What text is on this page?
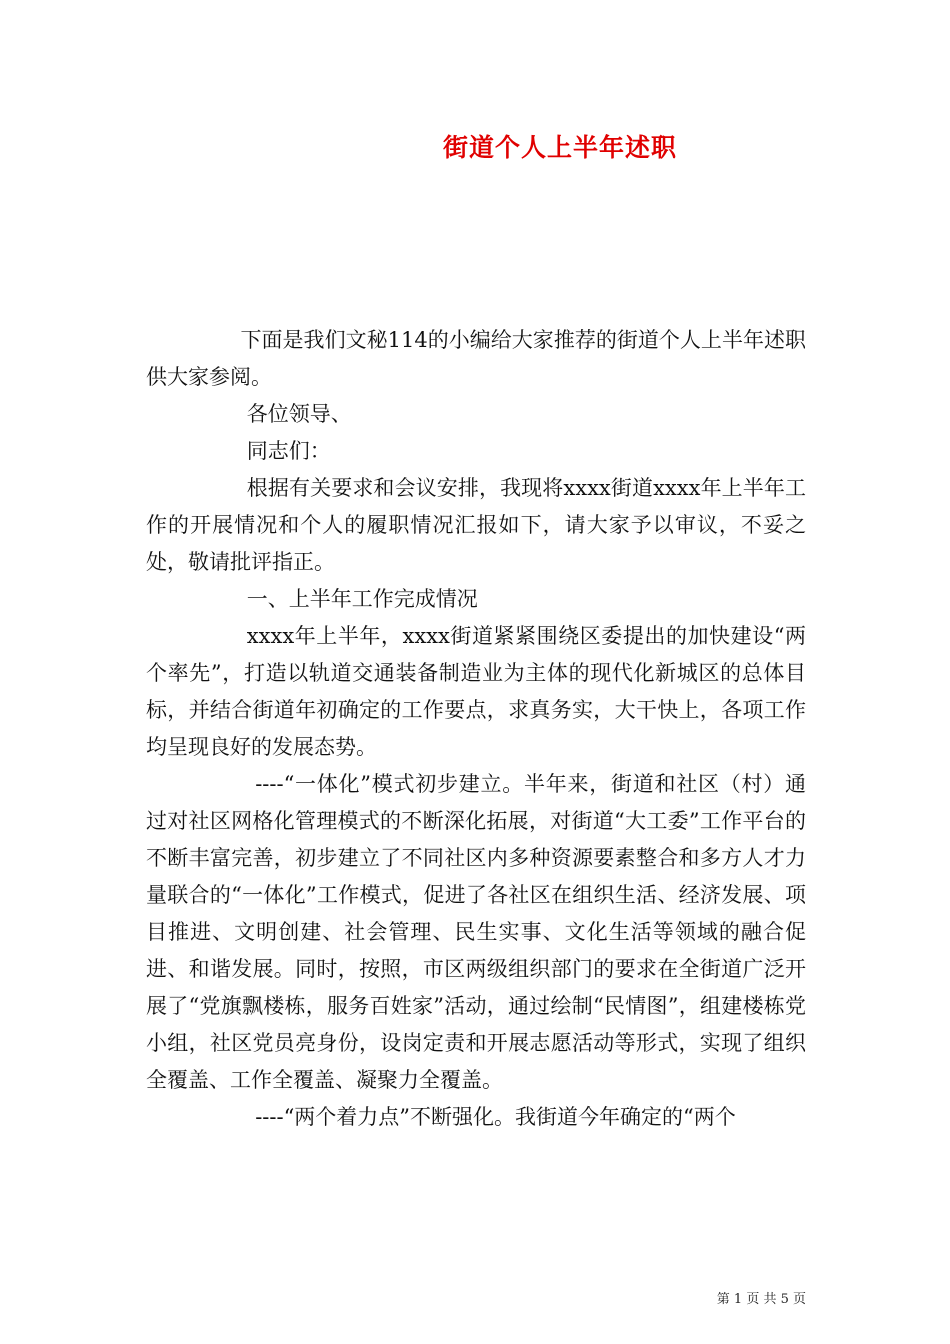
街道个人上半年述职

下面是我们文秘114的小编给大家推荐的街道个人上半年述职供大家参阅。

各位领导、

同志们：

根据有关要求和会议安排，我现将xxxx街道xxxx年上半年工作的开展情况和个人的履职情况汇报如下，请大家予以审议，不妥之处，敬请批评指正。

一、上半年工作完成情况

xxxx年上半年，xxxx街道紧紧围绕区委提出的加快建设“两个率先”，打造以轨道交通装备制造业为主体的现代化新城区的总体目标，并结合街道年初确定的工作要点，求真务实，大干快上，各项工作均呈现良好的发展态势。

----“一体化”模式初步建立。半年来，街道和社区（村）通过对社区网格化管理模式的不断深化拓展，对街道“大工委”工作平台的不断丰富完善，初步建立了不同社区内多种资源要素整合和多方人才力量联合的“一体化”工作模式，促进了各社区在组织生活、经济发展、项目推进、文明创建、社会管理、民生实事、文化生活等领域的融合促进、和谐发展。同时，按照，市区两级组织部门的要求在全街道广泛开展了“党旗飘楼栋，服务百姓家”活动，通过绘制“民情图”，组建楼栋党小组，社区党员亮身份，设岗定责和开展志愿活动等形式，实现了组织全覆盖、工作全覆盖、凝聚力全覆盖。

----“两个着力点”不断强化。我街道今年确定的“两个

第 1 页 共 5 页
